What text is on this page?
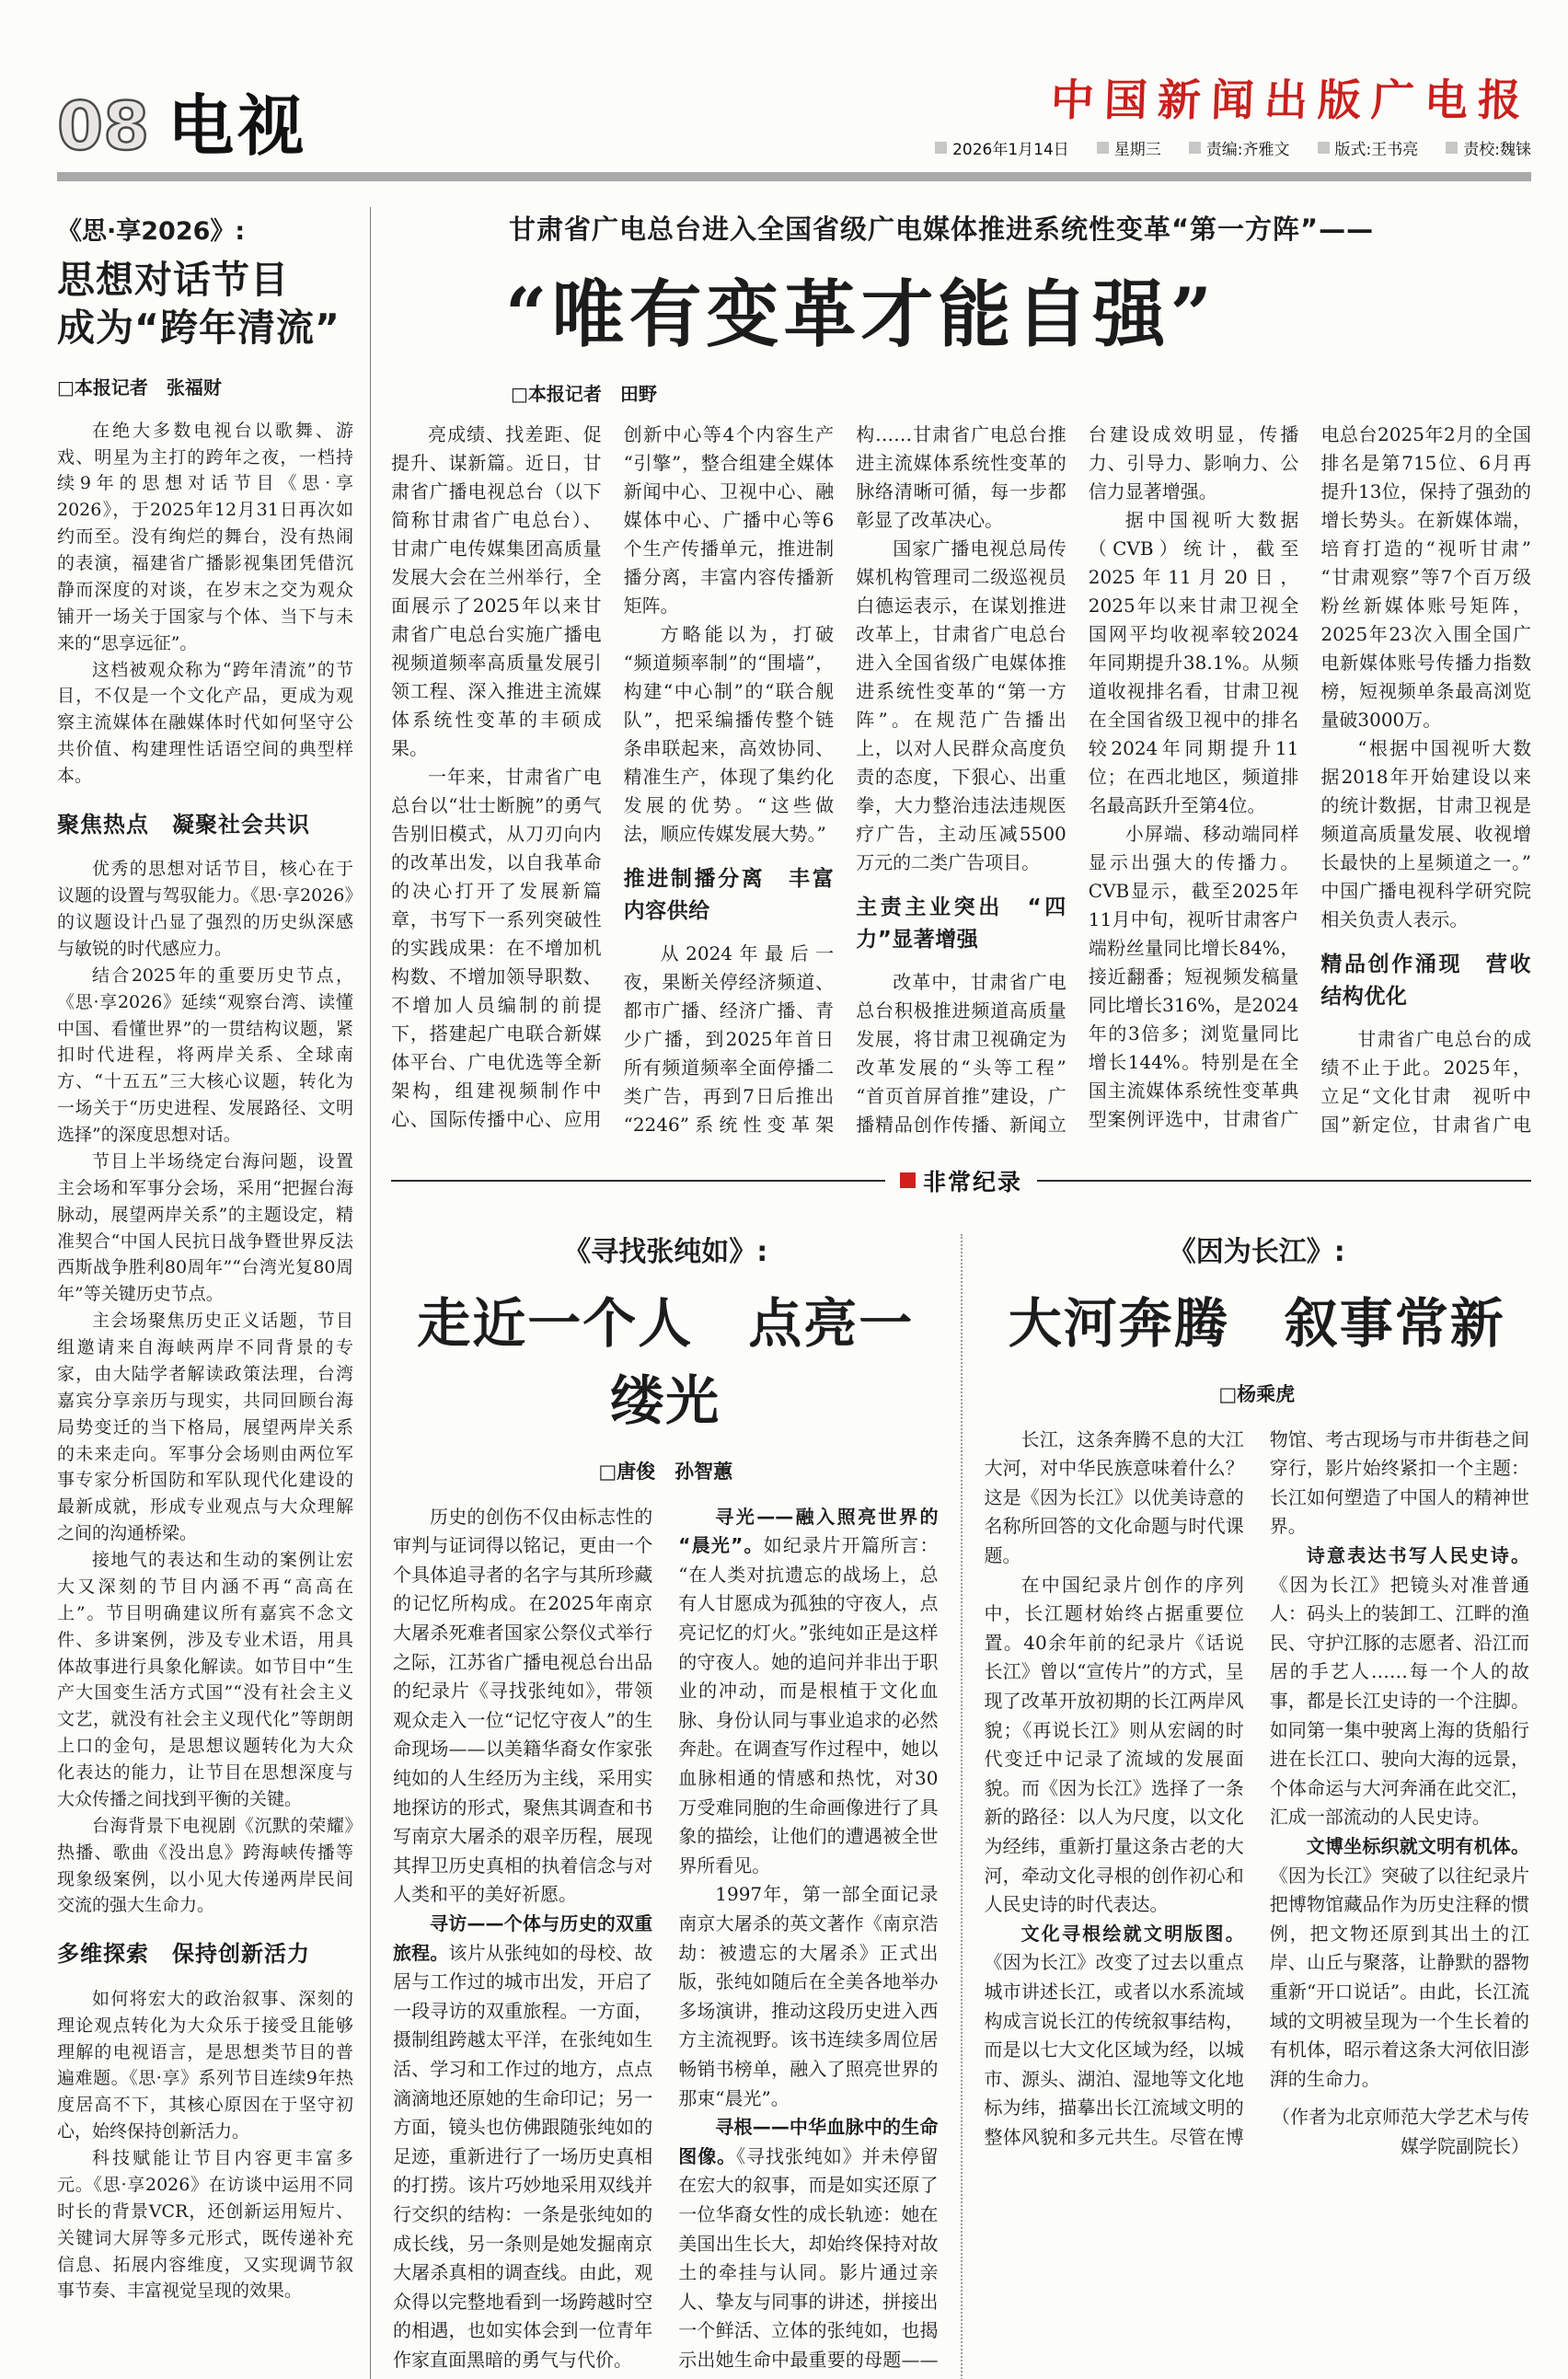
08 电视	中国新闻出版广电报
2026年1月14日	星期三	责编:齐雅文	版式:王书亮	责校:魏铼
《思·享2026》:
思想对话节目
成为“跨年清流”
□本报记者　张福财

在绝大多数电视台以歌舞、游戏、明星为主打的跨年之夜，一档持续9年的思想对话节目《思·享2026》，于2025年12月31日再次如约而至。没有绚烂的舞台，没有热闹的表演，福建省广播影视集团凭借沉静而深度的对谈，在岁末之交为观众铺开一场关于国家与个体、当下与未来的“思享远征”。

这档被观众称为“跨年清流”的节目，不仅是一个文化产品，更成为观察主流媒体在融媒体时代如何坚守公共价值、构建理性话语空间的典型样本。

聚焦热点　凝聚社会共识

优秀的思想对话节目，核心在于议题的设置与驾驭能力。《思·享2026》的议题设计凸显了强烈的历史纵深感与敏锐的时代感应力。

结合2025年的重要历史节点，《思·享2026》延续“观察台湾、读懂中国、看懂世界”的一贯结构议题，紧扣时代进程，将两岸关系、全球南方、“十五五”三大核心议题，转化为一场关于“历史进程、发展路径、文明选择”的深度思想对话。

节目上半场绕定台海问题，设置主会场和军事分会场，采用“把握台海脉动，展望两岸关系”的主题设定，精准契合“中国人民抗日战争暨世界反法西斯战争胜利80周年”“台湾光复80周年”等关键历史节点。

主会场聚焦历史正义话题，节目组邀请来自海峡两岸不同背景的专家，由大陆学者解读政策法理，台湾嘉宾分享亲历与现实，共同回顾台海局势变迁的当下格局，展望两岸关系的未来走向。军事分会场则由两位军事专家分析国防和军队现代化建设的最新成就，形成专业观点与大众理解之间的沟通桥梁。

接地气的表达和生动的案例让宏大又深刻的节目内涵不再“高高在上”。节目明确建议所有嘉宾不念文件、多讲案例，涉及专业术语，用具体故事进行具象化解读。如节目中“生产大国变生活方式国”“没有社会主义文艺，就没有社会主义现代化”等朗朗上口的金句，是思想议题转化为大众化表达的能力，让节目在思想深度与大众传播之间找到平衡的关键。

台海背景下电视剧《沉默的荣耀》热播、歌曲《没出息》跨海峡传播等现象级案例，以小见大传递两岸民间交流的强大生命力。

多维探索　保持创新活力

如何将宏大的政治叙事、深刻的理论观点转化为大众乐于接受且能够理解的电视语言，是思想类节目的普遍难题。《思·享》系列节目连续9年热度居高不下，其核心原因在于坚守初心，始终保持创新活力。

科技赋能让节目内容更丰富多元。《思·享2026》在访谈中运用不同时长的背景VCR，还创新运用短片、关键词大屏等多元形式，既传递补充信息、拓展内容维度，又实现调节叙事节奏、丰富视觉呈现的效果。

甘肃省广电总台进入全国省级广电媒体推进系统性变革“第一方阵”——
“唯有变革才能自强”
□本报记者　田野

亮成绩、找差距、促提升、谋新篇。近日，甘肃省广播电视总台（以下简称甘肃省广电总台）、甘肃广电传媒集团高质量发展大会在兰州举行，全面展示了2025年以来甘肃省广电总台实施广播电视频道频率高质量发展引领工程、深入推进主流媒体系统性变革的丰硕成果。

一年来，甘肃省广电总台以“壮士断腕”的勇气告别旧模式，从刀刃向内的改革出发，以自我革命的决心打开了发展新篇章，书写下一系列突破性的实践成果：在不增加机构数、不增加领导职数、不增加人员编制的前提下，搭建起广电联合新媒体平台、广电优选等全新架构，组建视频制作中心、国际传播中心、应用创新中心等4个内容生产“引擎”，整合组建全媒体新闻中心、卫视中心、融媒体中心、广播中心等6个生产传播单元，推进制播分离，丰富内容传播新矩阵。

方略能以为，打破“频道频率制”的“围墙”，构建“中心制”的“联合舰队”，把采编播传整个链条串联起来，高效协同、精准生产，体现了集约化发展的优势。“这些做法，顺应传媒发展大势。”

推进制播分离　丰富内容供给

从2024年最后一夜，果断关停经济频道、都市广播、经济广播、青少广播，到2025年首日所有频道频率全面停播二类广告，再到7日后推出“2246”系统性变革架构……甘肃省广电总台推进主流媒体系统性变革的脉络清晰可循，每一步都彰显了改革决心。

国家广播电视总局传媒机构管理司二级巡视员白德运表示，在谋划推进改革上，甘肃省广电总台进入全国省级广电媒体推进系统性变革的“第一方阵”。在规范广告播出上，以对人民群众高度负责的态度，下狠心、出重拳，大力整治违法违规医疗广告，主动压减5500万元的二类广告项目。

主责主业突出　“四力”显著增强

改革中，甘肃省广电总台积极推进频道高质量发展，将甘肃卫视确定为改革发展的“头等工程”“首页首屏首推”建设，广播精品创作传播、新闻立台建设成效明显，传播力、引导力、影响力、公信力显著增强。

据中国视听大数据（CVB）统计，截至2025年11月20日，2025年以来甘肃卫视全国网平均收视率较2024年同期提升38.1%。从频道收视排名看，甘肃卫视在全国省级卫视中的排名较2024年同期提升11位；在西北地区，频道排名最高跃升至第4位。

小屏端、移动端同样显示出强大的传播力。CVB显示，截至2025年11月中旬，视听甘肃客户端粉丝量同比增长84%，接近翻番；短视频发稿量同比增长316%，是2024年的3倍多；浏览量同比增长144%。特别是在全国主流媒体系统性变革典型案例评选中，甘肃省广电总台2025年2月的全国排名是第715位、6月再提升13位，保持了强劲的增长势头。在新媒体端，培育打造的“视听甘肃”“甘肃观察”等7个百万级粉丝新媒体账号矩阵，2025年23次入围全国广电新媒体账号传播力指数榜，短视频单条最高浏览量破3000万。

“根据中国视听大数据2018年开始建设以来的统计数据，甘肃卫视是频道高质量发展、收视增长最快的上星频道之一。”中国广播电视科学研究院相关负责人表示。

精品创作涌现　营收结构优化

甘肃省广电总台的成绩不止于此。2025年，立足“文化甘肃　视听中国”新定位，甘肃省广电

非常纪录
《寻找张纯如》:
走近一个人　点亮一缕光
□唐俊　孙智蕙

历史的创伤不仅由标志性的审判与证词得以铭记，更由一个个具体追寻者的名字与其所珍藏的记忆所构成。在2025年南京大屠杀死难者国家公祭仪式举行之际，江苏省广播电视总台出品的纪录片《寻找张纯如》，带领观众走入一位“记忆守夜人”的生命现场——以美籍华裔女作家张纯如的人生经历为主线，采用实地探访的形式，聚焦其调查和书写南京大屠杀的艰辛历程，展现其捍卫历史真相的执着信念与对人类和平的美好祈愿。

寻访——个体与历史的双重旅程。该片从张纯如的母校、故居与工作过的城市出发，开启了一段寻访的双重旅程。一方面，摄制组跨越太平洋，在张纯如生活、学习和工作过的地方，点点滴滴地还原她的生命印记；另一方面，镜头也仿佛跟随张纯如的足迹，重新进行了一场历史真相的打捞。该片巧妙地采用双线并行交织的结构：一条是张纯如的成长线，另一条则是她发掘南京大屠杀真相的调查线。由此，观众得以完整地看到一场跨越时空的相遇，也如实体会到一位青年作家直面黑暗的勇气与代价。

寻光——融入照亮世界的“晨光”。如纪录片开篇所言：“在人类对抗遗忘的战场上，总有人甘愿成为孤独的守夜人，点亮记忆的灯火。”张纯如正是这样的守夜人。她的追问并非出于职业的冲动，而是根植于文化血脉、身份认同与事业追求的必然奔赴。在调查写作过程中，她以血脉相通的情感和热忱，对30万受难同胞的生命画像进行了具象的描绘，让他们的遭遇被全世界所看见。

1997年，第一部全面记录南京大屠杀的英文著作《南京浩劫：被遗忘的大屠杀》正式出版，张纯如随后在全美各地举办多场演讲，推动这段历史进入西方主流视野。该书连续多周位居畅销书榜单，融入了照亮世界的那束“晨光”。

寻根——中华血脉中的生命图像。《寻找张纯如》并未停留在宏大的叙事，而是如实还原了一位华裔女性的成长轨迹：她在美国出生长大，却始终保持对故土的牵挂与认同。影片通过亲人、挚友与同事的讲述，拼接出一个鲜活、立体的张纯如，也揭示出她生命中最重要的母题——

《因为长江》:
大河奔腾　叙事常新
□杨乘虎

长江，这条奔腾不息的大江大河，对中华民族意味着什么？这是《因为长江》以优美诗意的名称所回答的文化命题与时代课题。

在中国纪录片创作的序列中，长江题材始终占据重要位置。40余年前的纪录片《话说长江》曾以“宣传片”的方式，呈现了改革开放初期的长江两岸风貌；《再说长江》则从宏阔的时代变迁中记录了流域的发展面貌。而《因为长江》选择了一条新的路径：以人为尺度，以文化为经纬，重新打量这条古老的大河，牵动文化寻根的创作初心和人民史诗的时代表达。

文化寻根绘就文明版图。《因为长江》改变了过去以重点城市讲述长江，或者以水系流域构成言说长江的传统叙事结构，而是以七大文化区域为经，以城市、源头、湖泊、湿地等文化地标为纬，描摹出长江流域文明的整体风貌和多元共生。尽管在博物馆、考古现场与市井街巷之间穿行，影片始终紧扣一个主题：长江如何塑造了中国人的精神世界。

诗意表达书写人民史诗。《因为长江》把镜头对准普通人：码头上的装卸工、江畔的渔民、守护江豚的志愿者、沿江而居的手艺人……每一个人的故事，都是长江史诗的一个注脚。如同第一集中驶离上海的货船行进在长江口、驶向大海的远景，个体命运与大河奔涌在此交汇，汇成一部流动的人民史诗。

文博坐标织就文明有机体。《因为长江》突破了以往纪录片把博物馆藏品作为历史注释的惯例，把文物还原到其出土的江岸、山丘与聚落，让静默的器物重新“开口说话”。由此，长江流域的文明被呈现为一个生长着的有机体，昭示着这条大河依旧澎湃的生命力。

（作者为北京师范大学艺术与传媒学院副院长）
